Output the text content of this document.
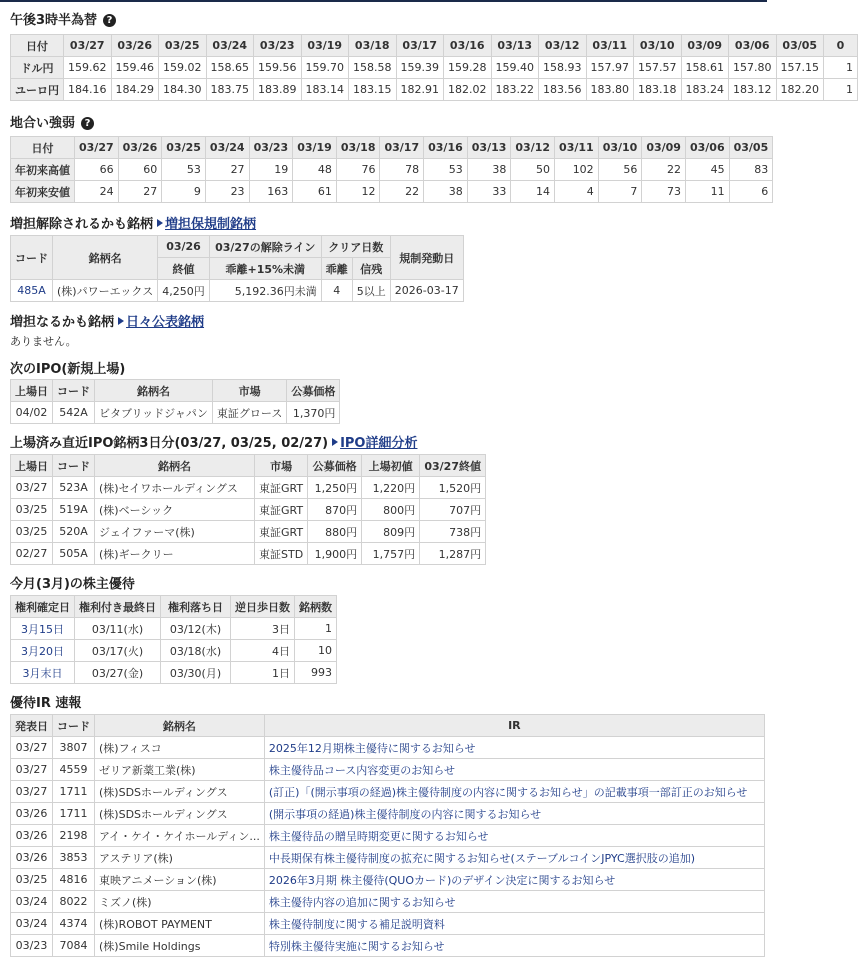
午後3時半為替 ?
日付	03/27	03/26	03/25	03/24	03/23	03/19	03/18	03/17	03/16	03/13	03/12	03/11	03/10	03/09	03/06	03/05	0
ドル円	159.62	159.46	159.02	158.65	159.56	159.70	158.58	159.39	159.28	159.40	158.93	157.97	157.57	158.61	157.80	157.15	1
ユーロ円	184.16	184.29	184.30	183.75	183.89	183.14	183.15	182.91	182.02	183.22	183.56	183.80	183.18	183.24	183.12	182.20	1
地合い強弱 ?
日付	03/27	03/26	03/25	03/24	03/23	03/19	03/18	03/17	03/16	03/13	03/12	03/11	03/10	03/09	03/06	03/05
年初来高値	66	60	53	27	19	48	76	78	53	38	50	102	56	22	45	83
年初来安値	24	27	9	23	163	61	12	22	38	33	14	4	7	73	11	6
増担解除されるかも銘柄 増担保規制銘柄
コード	銘柄名	03/26	03/27の解除ライン	クリア日数		規制発動日
		終値	乖離+15%未満	乖離	信残	
485A	(株)パワーエックス	4,250円	5,192.36円未満	4	5以上	2026-03-17
増担なるかも銘柄 日々公表銘柄
ありません。
次のIPO(新規上場)
上場日	コード	銘柄名	市場	公募価格
04/02	542A	ビタブリッドジャパン	東証グロース	1,370円
上場済み直近IPO銘柄3日分(03/27, 03/25, 02/27) IPO詳細分析
上場日	コード	銘柄名	市場	公募価格	上場初値	03/27終値
03/27	523A	(株)セイワホールディングス	東証GRT	1,250円	1,220円	1,520円
03/25	519A	(株)ベーシック	東証GRT	870円	800円	707円
03/25	520A	ジェイファーマ(株)	東証GRT	880円	809円	738円
02/27	505A	(株)ギークリー	東証STD	1,900円	1,757円	1,287円
今月(3月)の株主優待
権利確定日	権利付き最終日	権利落ち日	逆日歩日数	銘柄数
3月15日	03/11(水)	03/12(木)	3日	1
3月20日	03/17(火)	03/18(水)	4日	10
3月末日	03/27(金)	03/30(月)	1日	993
優待IR 速報
発表日	コード	銘柄名	IR
03/27	3807	(株)フィスコ	2025年12月期株主優待に関するお知らせ
03/27	4559	ゼリア新薬工業(株)	株主優待品コース内容変更のお知らせ
03/27	1711	(株)SDSホールディングス	(訂正)「(開示事項の経過)株主優待制度の内容に関するお知らせ」の記載事項一部訂正のお知らせ
03/26	1711	(株)SDSホールディングス	(開示事項の経過)株主優待制度の内容に関するお知らせ
03/26	2198	アイ・ケイ・ケイホールディン...	株主優待品の贈呈時期変更に関するお知らせ
03/26	3853	アステリア(株)	中長期保有株主優待制度の拡充に関するお知らせ(ステーブルコインJPYC選択肢の追加)
03/25	4816	東映アニメーション(株)	2026年3月期 株主優待(QUOカード)のデザイン決定に関するお知らせ
03/24	8022	ミズノ(株)	株主優待内容の追加に関するお知らせ
03/24	4374	(株)ROBOT PAYMENT	株主優待制度に関する補足説明資料
03/23	7084	(株)Smile Holdings	特別株主優待実施に関するお知らせ
